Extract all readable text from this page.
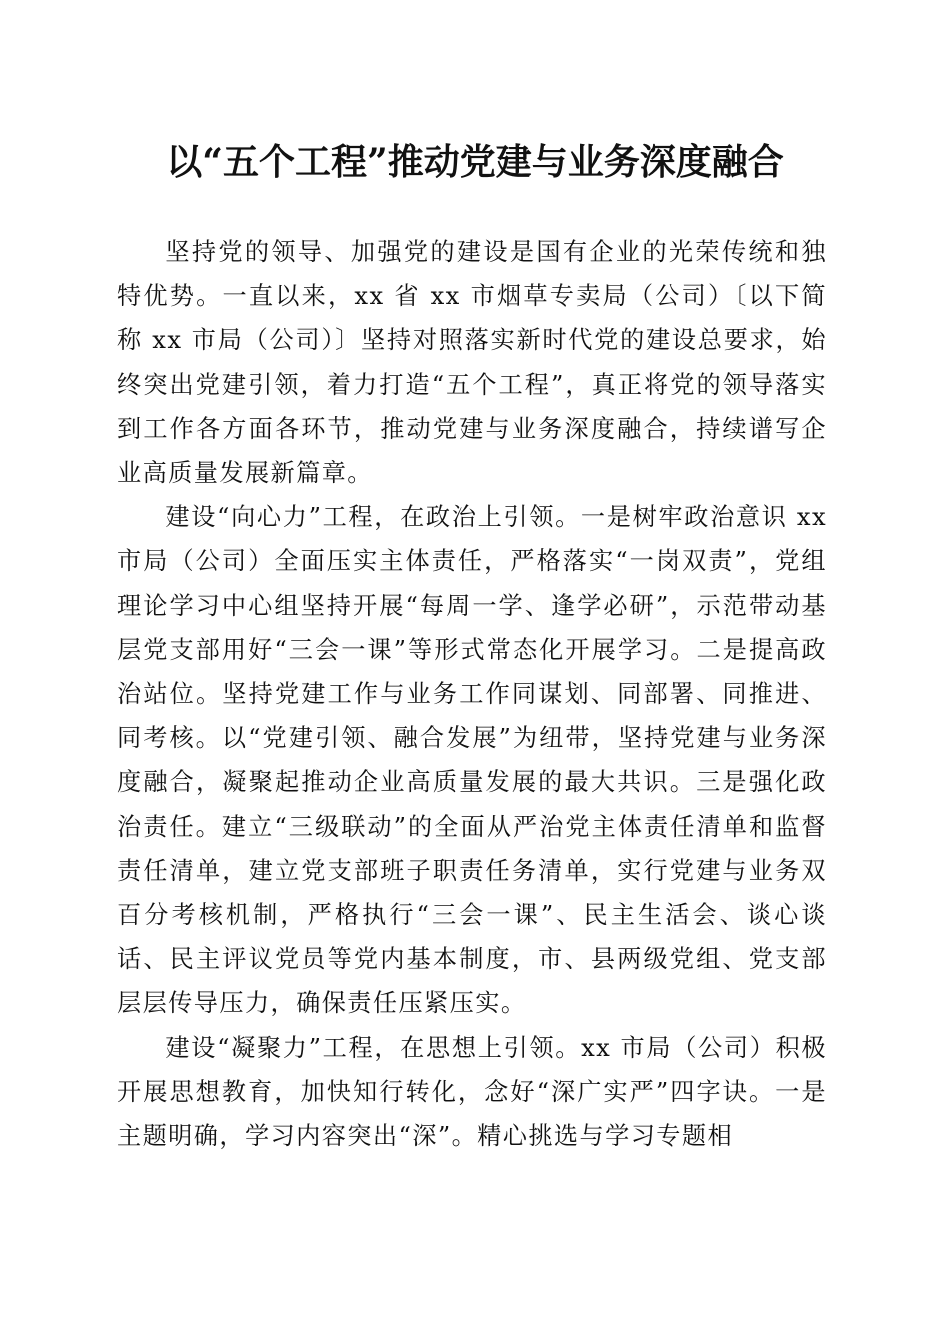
以“五个工程”推动党建与业务深度融合

坚持党的领导、加强党的建设是国有企业的光荣传统和独特优势。一直以来，xx 省 xx 市烟草专卖局（公司）〔以下简称 xx 市局（公司）〕坚持对照落实新时代党的建设总要求，始终突出党建引领，着力打造“五个工程”，真正将党的领导落实到工作各方面各环节，推动党建与业务深度融合，持续谱写企业高质量发展新篇章。

建设“向心力”工程，在政治上引领。一是树牢政治意识 xx 市局（公司）全面压实主体责任，严格落实“一岗双责”，党组理论学习中心组坚持开展“每周一学、逢学必研”，示范带动基层党支部用好“三会一课”等形式常态化开展学习。二是提高政治站位。坚持党建工作与业务工作同谋划、同部署、同推进、同考核。以“党建引领、融合发展”为纽带，坚持党建与业务深度融合，凝聚起推动企业高质量发展的最大共识。三是强化政治责任。建立“三级联动”的全面从严治党主体责任清单和监督责任清单，建立党支部班子职责任务清单，实行党建与业务双百分考核机制，严格执行“三会一课”、民主生活会、谈心谈话、民主评议党员等党内基本制度，市、县两级党组、党支部层层传导压力，确保责任压紧压实。

建设“凝聚力”工程，在思想上引领。xx 市局（公司）积极开展思想教育，加快知行转化，念好“深广实严”四字诀。一是主题明确，学习内容突出“深”。精心挑选与学习专题相
